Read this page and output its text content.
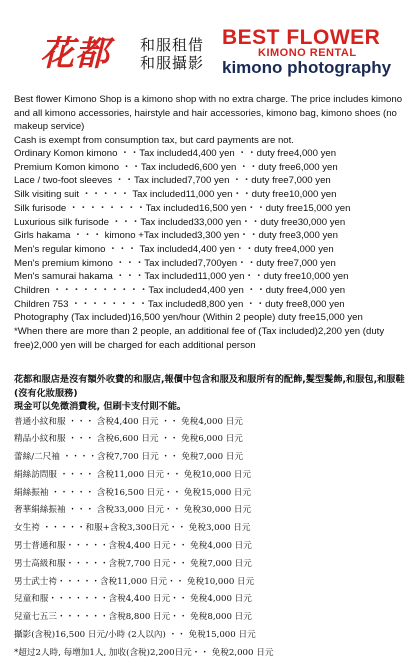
花都 和服租借
和服攝影
BEST FLOWER
KIMONO RENTAL
kimono photography

Best flower Kimono Shop is a kimono shop with no extra charge. The price includes kimono and all kimono accessories, hairstyle and hair accessories, kimono bag, kimono shoes (no makeup service)

Cash is exempt from consumption tax, but card payments are not.

Ordinary Komon kimono ・・Tax included4,400 yen ・・duty free4,000 yen

Premium Komon kimono ・・Tax included6,600 yen ・・duty free6,000 yen

Lace / two-foot sleeves ・・Tax included7,700 yen ・・duty free7,000 yen

Silk visiting suit ・・・・・ Tax included11,000 yen・・duty free10,000 yen

Silk furisode ・・・・・・・・Tax included16,500 yen・・duty free15,000 yen

Luxurious silk furisode ・・・Tax included33,000 yen・・duty free30,000 yen

Girls hakama ・・・ kimono +Tax included3,300 yen・・duty free3,000 yen

Men's regular kimono ・・・ Tax included4,400 yen・・duty free4,000 yen

Men's premium kimono ・・・Tax included7,700yen・・duty free7,000 yen

Men's samurai hakama ・・・Tax included11,000 yen・・duty free10,000 yen

Children ・・・・・・・・・・Tax included4,400 yen ・・duty free4,000 yen

Children 753 ・・・・・・・・Tax included8,800 yen ・・duty free8,000 yen

Photography (Tax included)16,500 yen/hour (Within 2 people) duty free15,000 yen

*When there are more than 2 people, an additional fee of (Tax included)2,200 yen (duty free)2,000 yen will be charged for each additional person

花都和服店是沒有額外收費的和服店,報價中包含和服及和服所有的配飾,髮型髮飾,和服包,和服鞋 (沒有化妝服務)

現金可以免徵消費稅, 但刷卡支付則不能。

普通小紋和服 ・・・ 含稅4,400 日元 ・・ 免稅4,000 日元

精品小紋和服 ・・・ 含稅6,600 日元 ・・ 免稅6,000 日元

蕾絲/二尺袖 ・・・・含稅7,700 日元 ・・ 免稅7,000 日元

絹絲訪問服 ・・・・ 含稅11,000 日元・・ 免稅10,000 日元

絹絲振袖 ・・・・・ 含稅16,500 日元・・ 免稅15,000 日元

奢華絹絲振袖 ・・・ 含稅33,000 日元・・ 免稅30,000 日元

女生袴 ・・・・・和服+含稅3,300日元・・ 免稅3,000 日元

男士普通和服・・・・・含稅4,400 日元・・ 免稅4,000 日元

男士高級和服・・・・・含稅7,700 日元・・ 免稅7,000 日元

男士武士袴・・・・・含稅11,000 日元・・ 免稅10,000 日元

兒童和服・・・・・・・含稅4,400 日元・・ 免稅4,000 日元

兒童七五三・・・・・・含稅8,800 日元・・ 免稅8,000 日元

攝影(含稅)16,500 日元/小時 (2人以內) ・・ 免稅15,000 日元

*超过2人時, 每增加1人, 加收(含稅)2,200日元・・ 免稅2,000 日元
